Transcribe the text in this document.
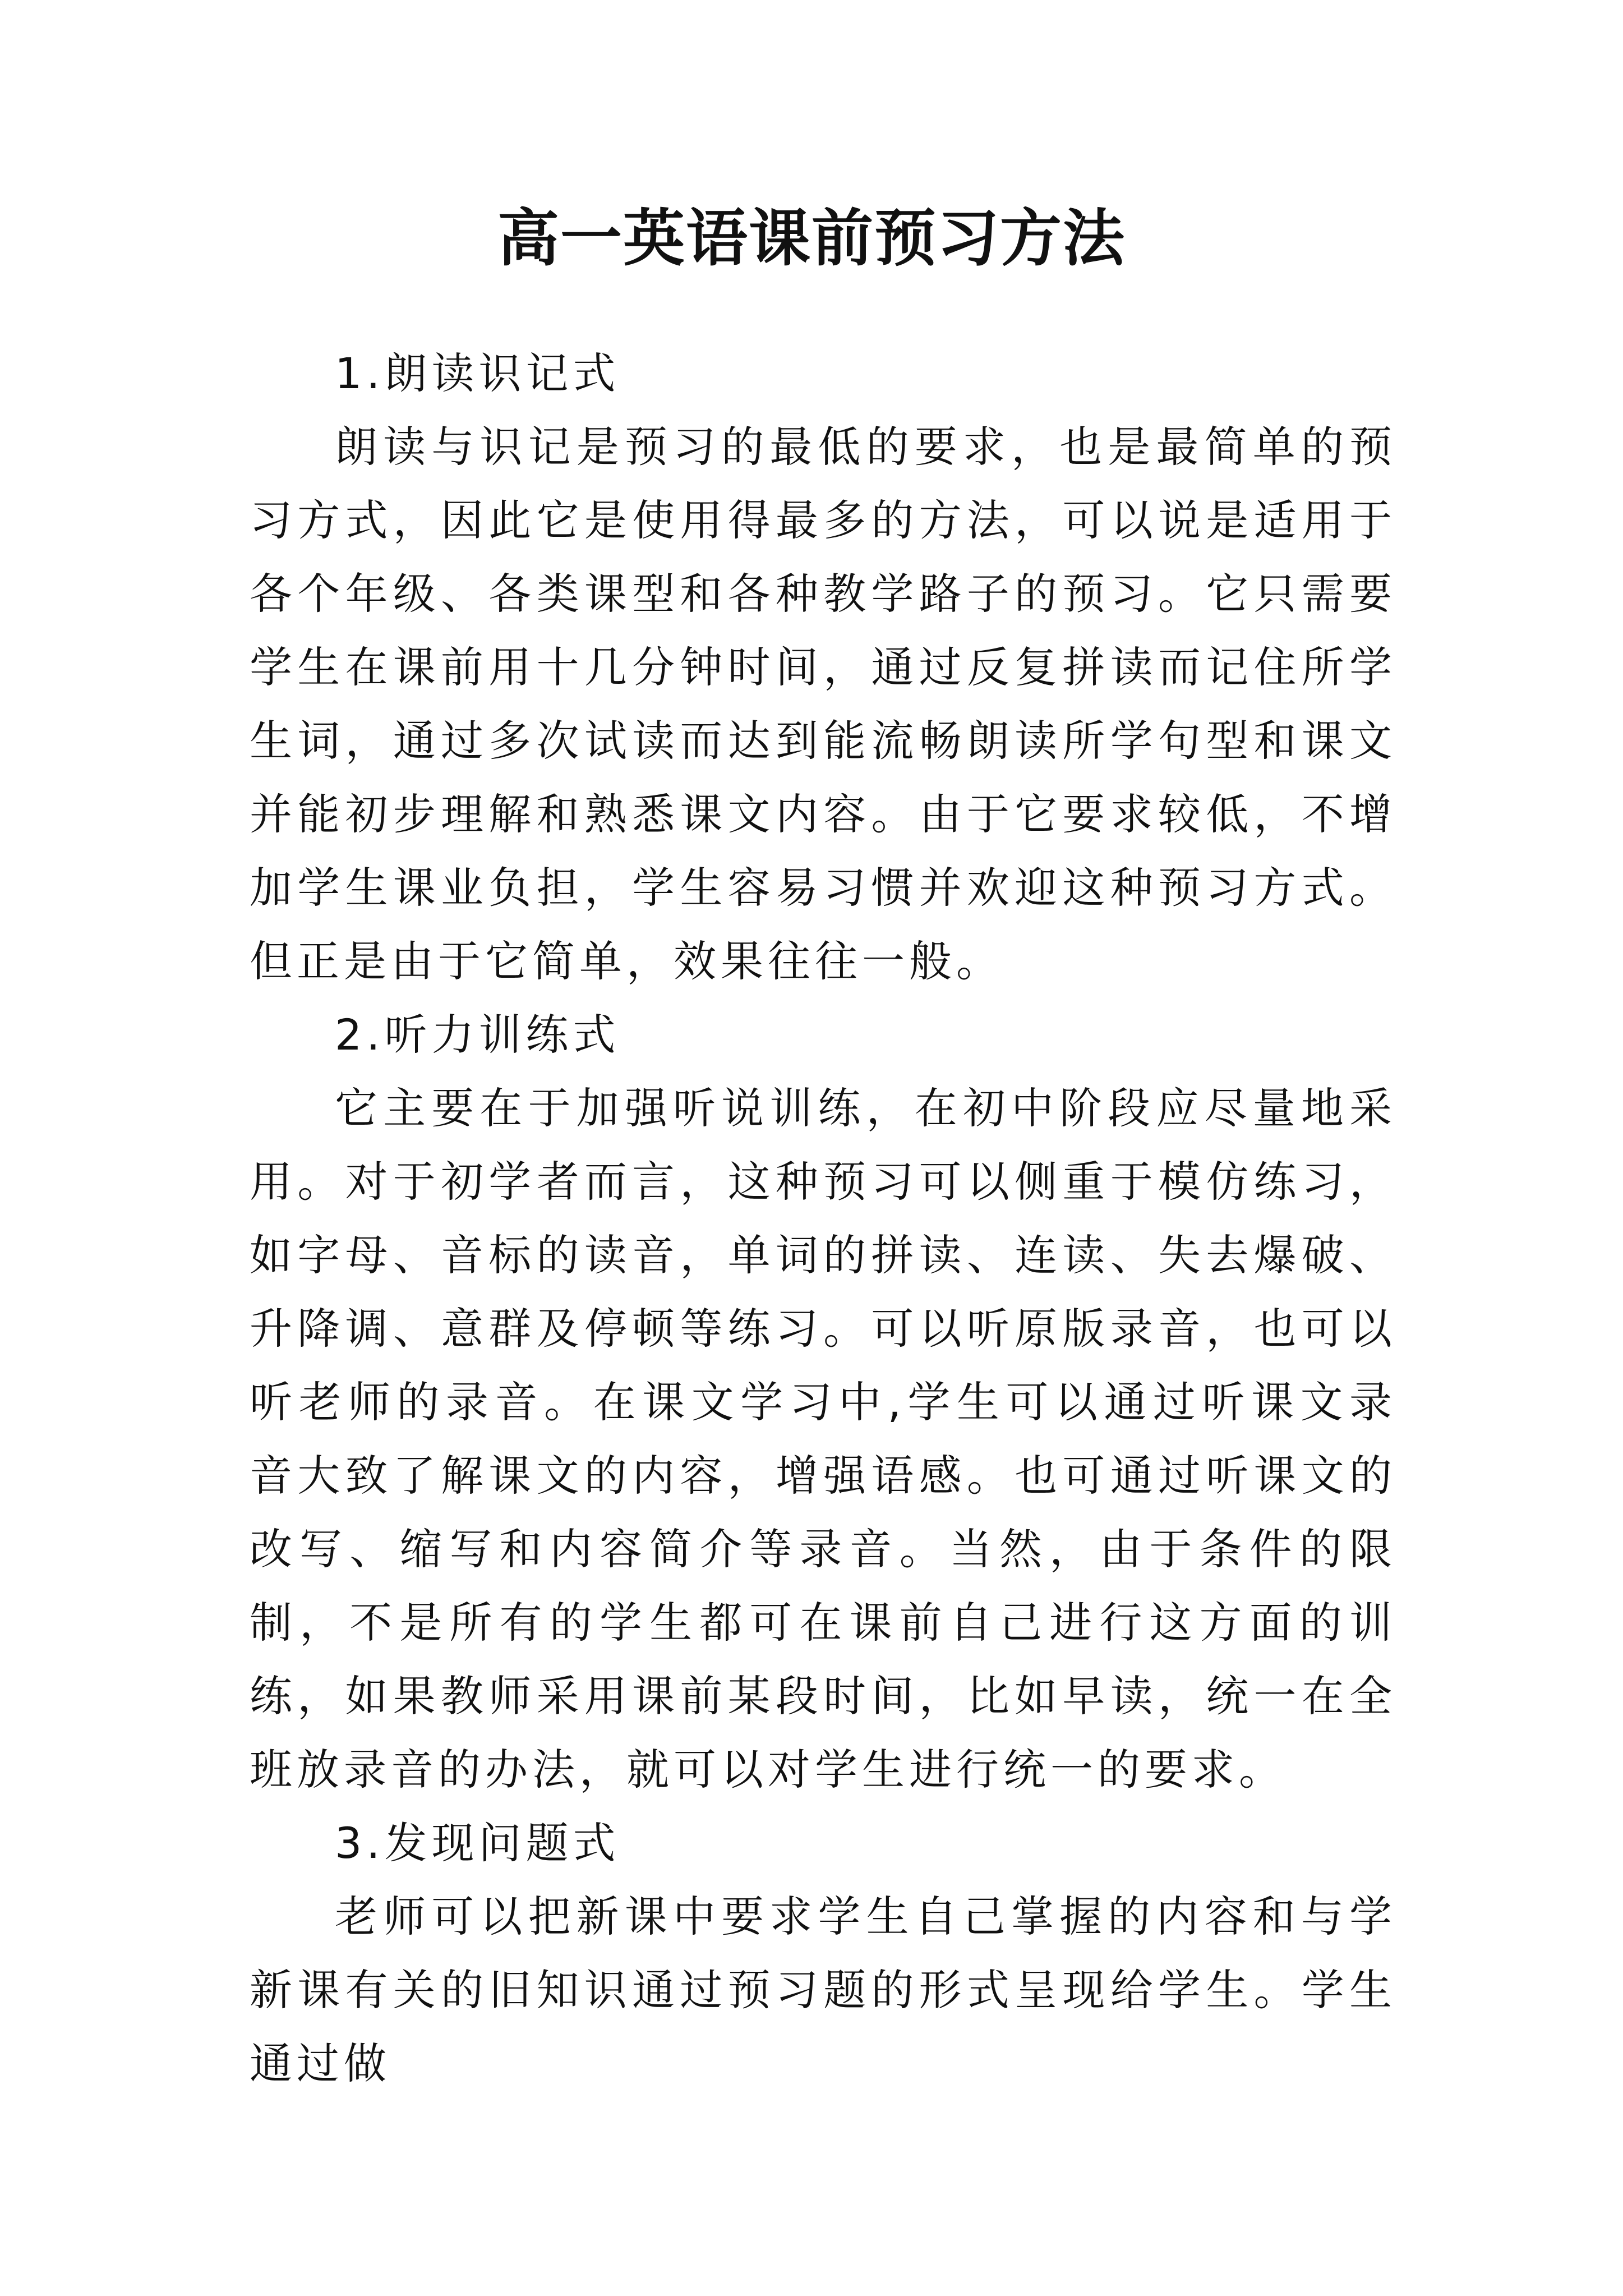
高一英语课前预习方法

1.朗读识记式

朗读与识记是预习的最低的要求，也是最简单的预习方式，因此它是使用得最多的方法，可以说是适用于各个年级、各类课型和各种教学路子的预习。它只需要学生在课前用十几分钟时间，通过反复拼读而记住所学生词，通过多次试读而达到能流畅朗读所学句型和课文并能初步理解和熟悉课文内容。由于它要求较低，不增加学生课业负担，学生容易习惯并欢迎这种预习方式。但正是由于它简单，效果往往一般。

2.听力训练式

它主要在于加强听说训练，在初中阶段应尽量地采用。对于初学者而言，这种预习可以侧重于模仿练习，如字母、音标的读音，单词的拼读、连读、失去爆破、升降调、意群及停顿等练习。可以听原版录音，也可以听老师的录音。在课文学习中,学生可以通过听课文录音大致了解课文的内容，增强语感。也可通过听课文的改写、缩写和内容简介等录音。当然，由于条件的限制，不是所有的学生都可在课前自己进行这方面的训练，如果教师采用课前某段时间，比如早读，统一在全班放录音的办法，就可以对学生进行统一的要求。

3.发现问题式

老师可以把新课中要求学生自己掌握的内容和与学新课有关的旧知识通过预习题的形式呈现给学生。学生通过做
